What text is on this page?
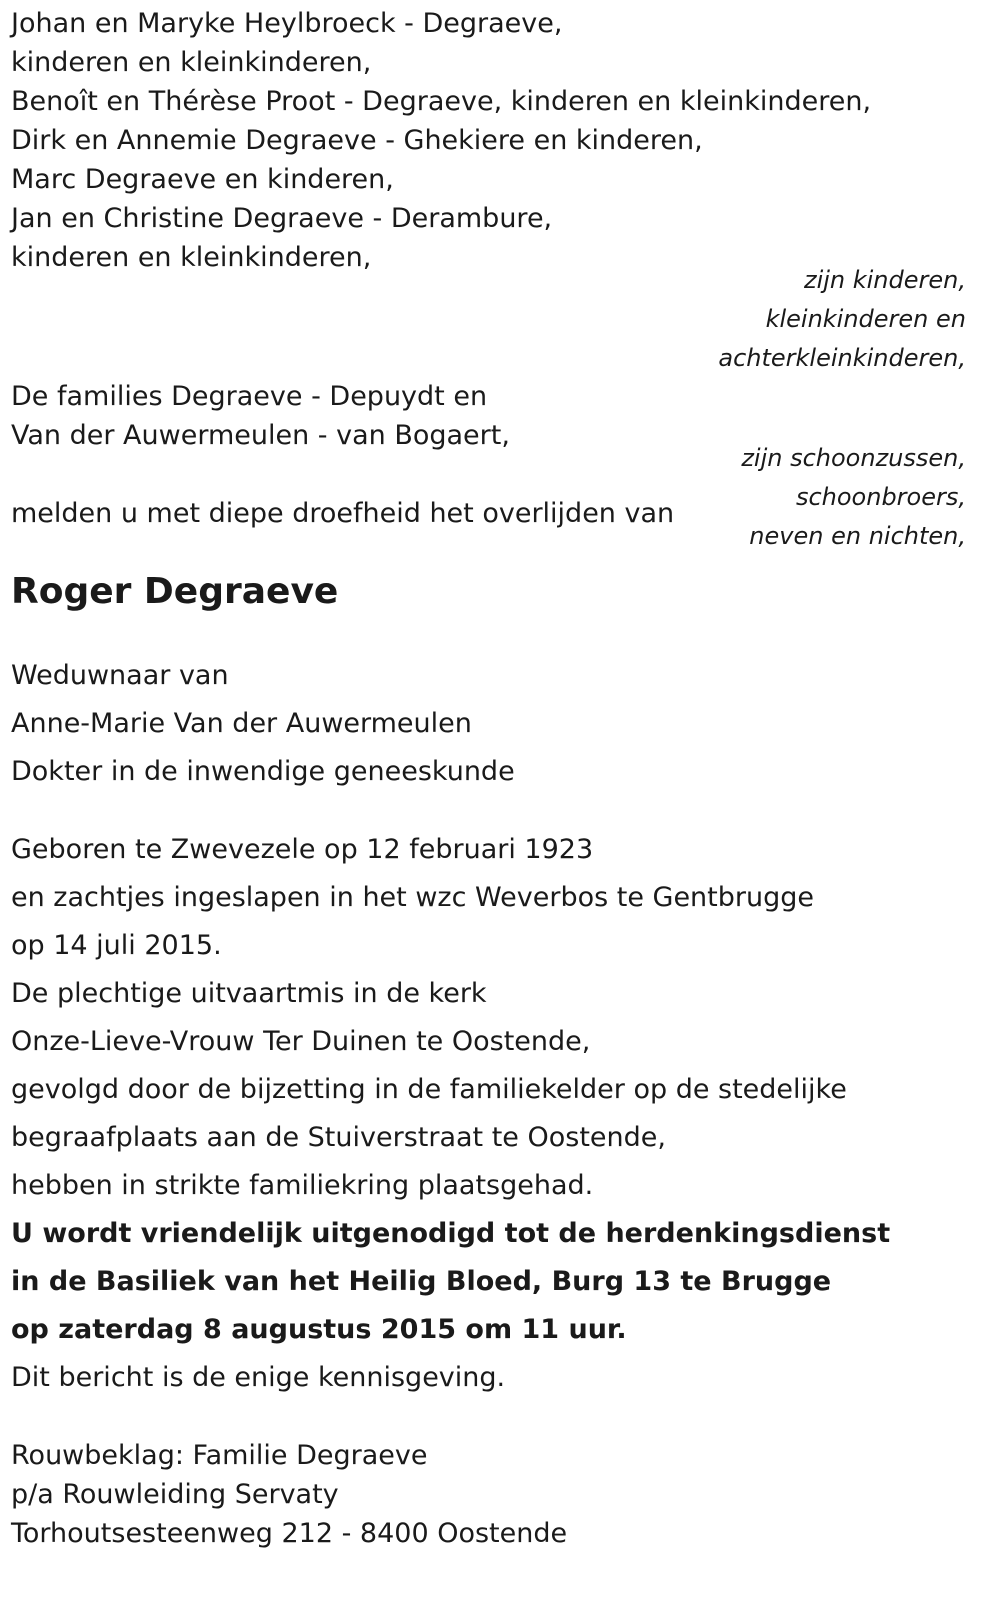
Johan en Maryke Heylbroeck - Degraeve,
kinderen en kleinkinderen,
Benoît en Thérèse Proot - Degraeve, kinderen en kleinkinderen,
Dirk en Annemie Degraeve - Ghekiere en kinderen,
Marc Degraeve en kinderen,
Jan en Christine Degraeve - Derambure,
kinderen en kleinkinderen,
zijn kinderen,
kleinkinderen en
achterkleinkinderen,
De families Degraeve - Depuydt en
Van der Auwermeulen - van Bogaert,
zijn schoonzussen,
schoonbroers,
neven en nichten,
melden u met diepe droefheid het overlijden van
Roger Degraeve
Weduwnaar van
Anne-Marie Van der Auwermeulen
Dokter in de inwendige geneeskunde
Geboren te Zwevezele op 12 februari 1923
en zachtjes ingeslapen in het wzc Weverbos te Gentbrugge
op 14 juli 2015.
De plechtige uitvaartmis in de kerk
Onze-Lieve-Vrouw Ter Duinen te Oostende,
gevolgd door de bijzetting in de familiekelder op de stedelijke
begraafplaats aan de Stuiverstraat te Oostende,
hebben in strikte familiekring plaatsgehad.
U wordt vriendelijk uitgenodigd tot de herdenkingsdienst
in de Basiliek van het Heilig Bloed, Burg 13 te Brugge
op zaterdag 8 augustus 2015 om 11 uur.
Dit bericht is de enige kennisgeving.
Rouwbeklag: Familie Degraeve
p/a Rouwleiding Servaty
Torhoutsesteenweg 212 - 8400 Oostende
